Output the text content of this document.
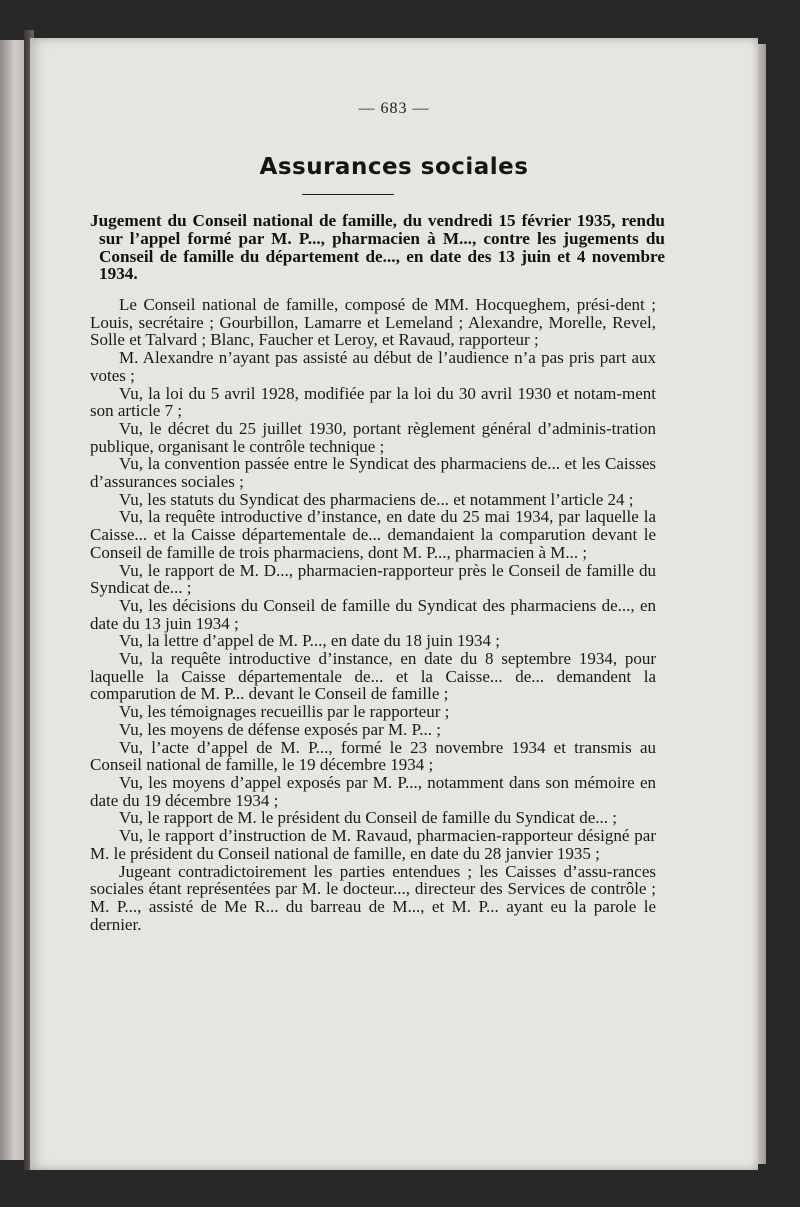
— 683 —
Assurances sociales
Jugement du Conseil national de famille, du vendredi 15 février 1935, rendu sur l’appel formé par M. P..., pharmacien à M..., contre les jugements du Conseil de famille du département de..., en date des 13 juin et 4 novembre 1934.

Le Conseil national de famille, composé de MM. Hocqueghem, prési-dent ; Louis, secrétaire ; Gourbillon, Lamarre et Lemeland ; Alexandre, Morelle, Revel, Solle et Talvard ; Blanc, Faucher et Leroy, et Ravaud, rapporteur ;

M. Alexandre n’ayant pas assisté au début de l’audience n’a pas pris part aux votes ;

Vu, la loi du 5 avril 1928, modifiée par la loi du 30 avril 1930 et notam-ment son article 7 ;

Vu, le décret du 25 juillet 1930, portant règlement général d’adminis-tration publique, organisant le contrôle technique ;

Vu, la convention passée entre le Syndicat des pharmaciens de... et les Caisses d’assurances sociales ;

Vu, les statuts du Syndicat des pharmaciens de... et notamment l’article 24 ;

Vu, la requête introductive d’instance, en date du 25 mai 1934, par laquelle la Caisse... et la Caisse départementale de... demandaient la comparution devant le Conseil de famille de trois pharmaciens, dont M. P..., pharmacien à M... ;

Vu, le rapport de M. D..., pharmacien-rapporteur près le Conseil de famille du Syndicat de... ;

Vu, les décisions du Conseil de famille du Syndicat des pharmaciens de..., en date du 13 juin 1934 ;

Vu, la lettre d’appel de M. P..., en date du 18 juin 1934 ;

Vu, la requête introductive d’instance, en date du 8 septembre 1934, pour laquelle la Caisse départementale de... et la Caisse... de... demandent la comparution de M. P... devant le Conseil de famille ;

Vu, les témoignages recueillis par le rapporteur ;

Vu, les moyens de défense exposés par M. P... ;

Vu, l’acte d’appel de M. P..., formé le 23 novembre 1934 et transmis au Conseil national de famille, le 19 décembre 1934 ;

Vu, les moyens d’appel exposés par M. P..., notamment dans son mémoire en date du 19 décembre 1934 ;

Vu, le rapport de M. le président du Conseil de famille du Syndicat de... ;

Vu, le rapport d’instruction de M. Ravaud, pharmacien-rapporteur désigné par M. le président du Conseil national de famille, en date du 28 janvier 1935 ;

Jugeant contradictoirement les parties entendues ; les Caisses d’assu-rances sociales étant représentées par M. le docteur..., directeur des Services de contrôle ; M. P..., assisté de Me R... du barreau de M..., et M. P... ayant eu la parole le dernier.
